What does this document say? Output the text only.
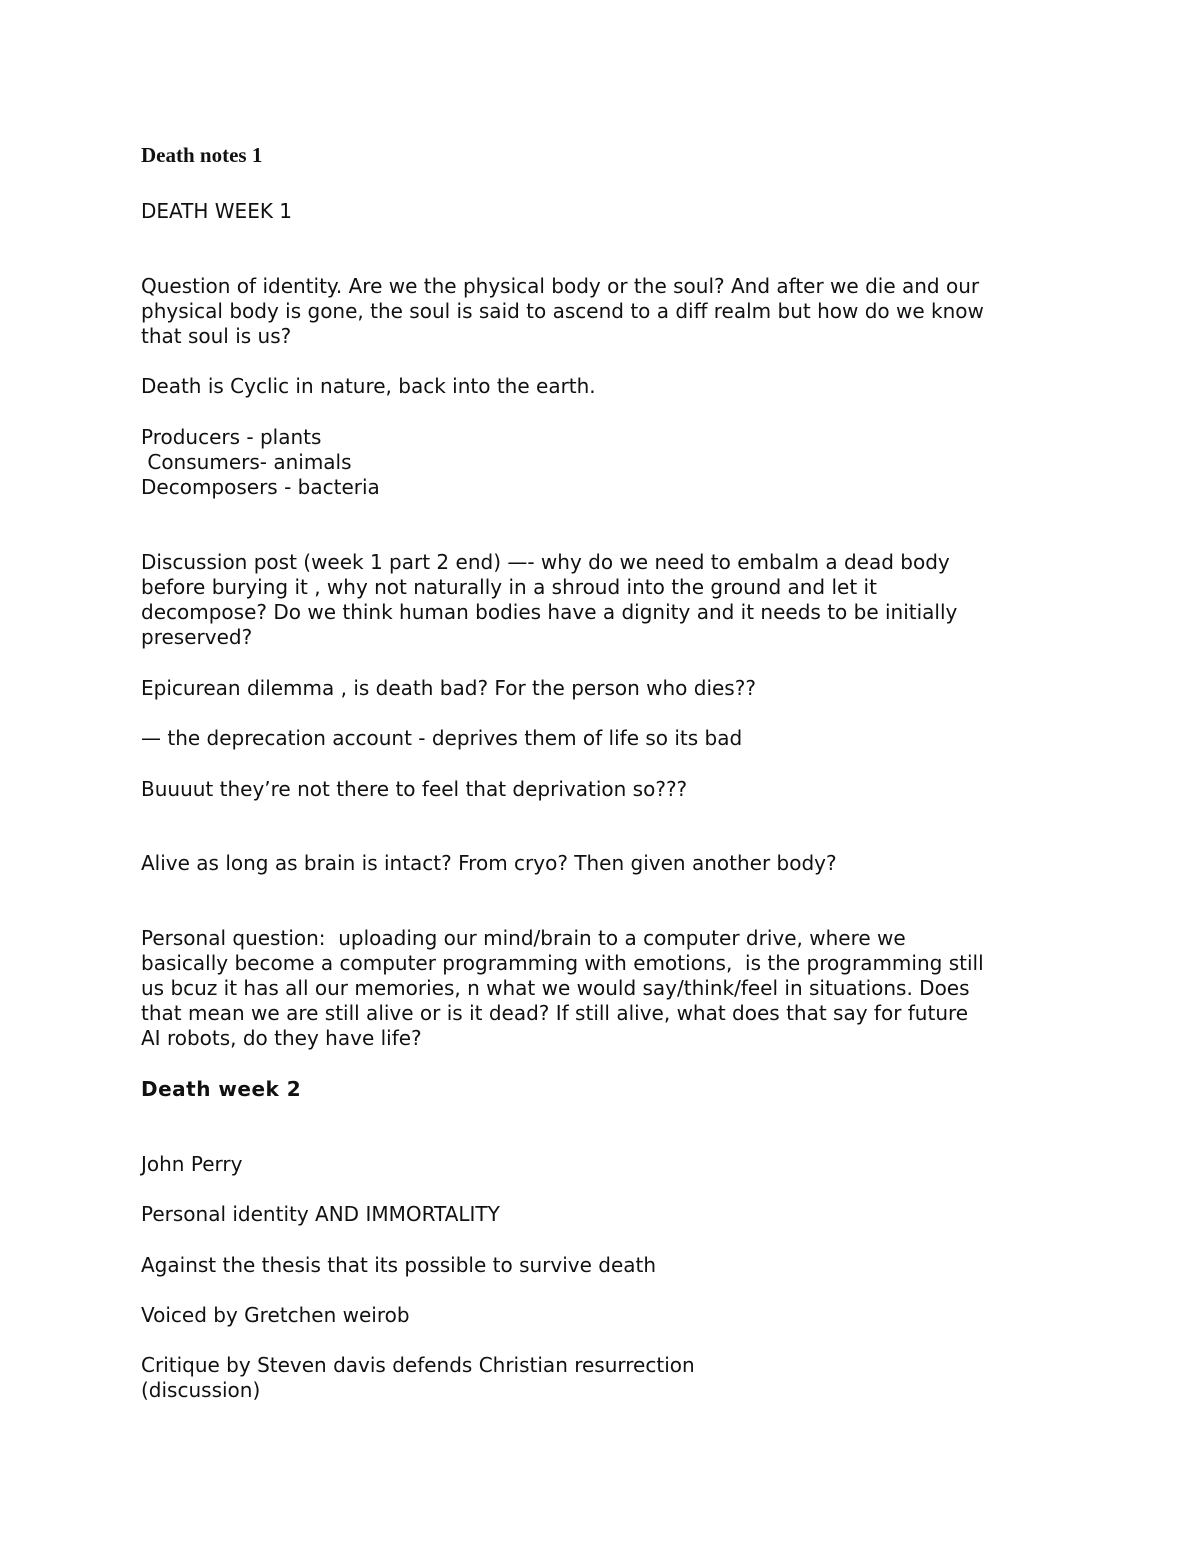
Death notes 1
DEATH WEEK 1
Question of identity. Are we the physical body or the soul? And after we die and our
physical body is gone, the soul is said to ascend to a diff realm but how do we know
that soul is us?
Death is Cyclic in nature, back into the earth.
Producers - plants
Consumers- animals
Decomposers - bacteria
Discussion post (week 1 part 2 end) —- why do we need to embalm a dead body
before burying it , why not naturally in a shroud into the ground and let it
decompose? Do we think human bodies have a dignity and it needs to be initially
preserved?
Epicurean dilemma , is death bad? For the person who dies??
— the deprecation account - deprives them of life so its bad
Buuuut they’re not there to feel that deprivation so???
Alive as long as brain is intact? From cryo? Then given another body?
Personal question:  uploading our mind/brain to a computer drive, where we
basically become a computer programming with emotions,  is the programming still
us bcuz it has all our memories, n what we would say/think/feel in situations. Does
that mean we are still alive or is it dead? If still alive, what does that say for future
AI robots, do they have life?
Death week 2
John Perry
Personal identity AND IMMORTALITY
Against the thesis that its possible to survive death
Voiced by Gretchen weirob
Critique by Steven davis defends Christian resurrection
(discussion)
